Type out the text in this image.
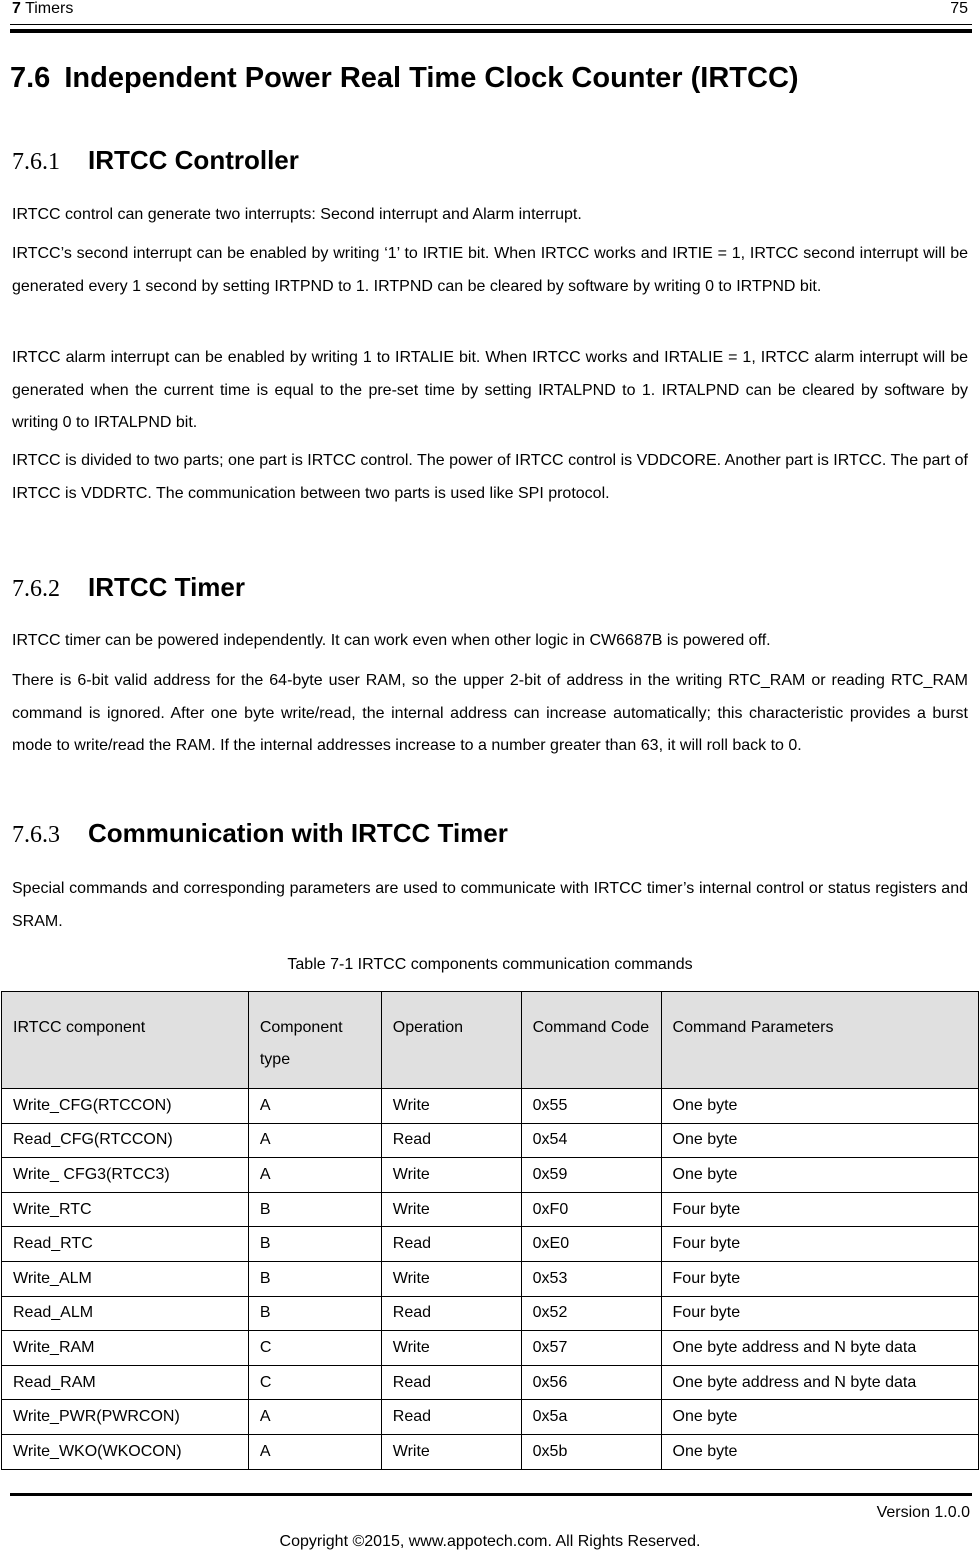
7 Timers	75
7.6 Independent Power Real Time Clock Counter (IRTCC)
7.6.1 IRTCC Controller
IRTCC control can generate two interrupts: Second interrupt and Alarm interrupt.
IRTCC’s second interrupt can be enabled by writing ‘1’ to IRTIE bit. When IRTCC works and IRTIE = 1, IRTCC second interrupt will be generated every 1 second by setting IRTPND to 1. IRTPND can be cleared by software by writing 0 to IRTPND bit.
IRTCC alarm interrupt can be enabled by writing 1 to IRTALIE bit. When IRTCC works and IRTALIE = 1, IRTCC alarm interrupt will be generated when the current time is equal to the pre-set time by setting IRTALPND to 1. IRTALPND can be cleared by software by writing 0 to IRTALPND bit.
IRTCC is divided to two parts; one part is IRTCC control. The power of IRTCC control is VDDCORE. Another part is IRTCC. The part of IRTCC is VDDRTC. The communication between two parts is used like SPI protocol.
7.6.2 IRTCC Timer
IRTCC timer can be powered independently. It can work even when other logic in CW6687B is powered off.
There is 6-bit valid address for the 64-byte user RAM, so the upper 2-bit of address in the writing RTC_RAM or reading RTC_RAM command is ignored. After one byte write/read, the internal address can increase automatically; this characteristic provides a burst mode to write/read the RAM. If the internal addresses increase to a number greater than 63, it will roll back to 0.
7.6.3 Communication with IRTCC Timer
Special commands and corresponding parameters are used to communicate with IRTCC timer’s internal control or status registers and SRAM.
Table 7-1 IRTCC components communication commands
IRTCC component	Component type	Operation	Command Code	Command Parameters
Write_CFG(RTCCON)	A	Write	0x55	One byte
Read_CFG(RTCCON)	A	Read	0x54	One byte
Write_ CFG3(RTCC3)	A	Write	0x59	One byte
Write_RTC	B	Write	0xF0	Four byte
Read_RTC	B	Read	0xE0	Four byte
Write_ALM	B	Write	0x53	Four byte
Read_ALM	B	Read	0x52	Four byte
Write_RAM	C	Write	0x57	One byte address and N byte data
Read_RAM	C	Read	0x56	One byte address and N byte data
Write_PWR(PWRCON)	A	Read	0x5a	One byte
Write_WKO(WKOCON)	A	Write	0x5b	One byte
Version 1.0.0
Copyright ©2015, www.appotech.com. All Rights Reserved.
